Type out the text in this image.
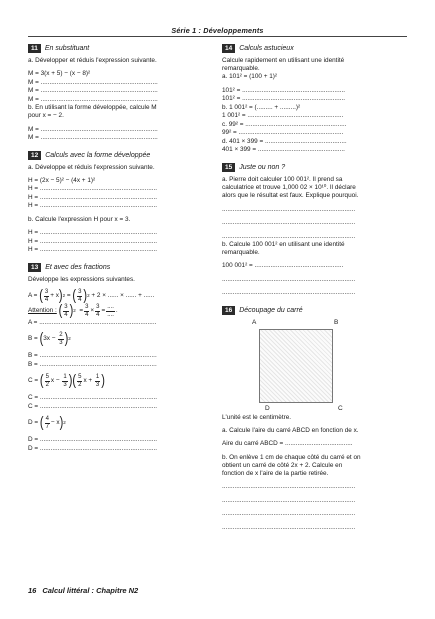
Série 1 : Développements
11	En substituant
a. Développer et réduis l'expression suivante.
M = 3(x + 5) − (x − 8)²
M = ..................................................................
M = ..................................................................
M = ..................................................................
b. En utilisant la forme développée, calcule M
pour x = − 2.
M = ..................................................................
M = ..................................................................
12	Calculs avec la forme développée
a. Développe et réduis l'expression suivante.
H = (2x − 5)² − (4x + 1)²
H = ..................................................................
H = ..................................................................
H = ..................................................................
b. Calcule l'expression H pour x = 3.
H = ..................................................................
H = ..................................................................
H = ..................................................................
13	Et avec des fractions
Développe les expressions suivantes.
A =
( $\frac{3}{4} + x$ ) 2 = ( $\frac{3}{4}$ ) 2
+ 2 × ...... × ...... + ......
Attention :
( $\frac{3}{4}$ ) $2 = \frac{3}{4} \times \frac{3}{4} = \frac{....}{....}$ .
A = ..................................................................
B =
( $3x - \frac{2}{3}$ ) 2
B = ..................................................................
B = ..................................................................
C =
( $\frac{5}{2}$ $x - \frac{1}{3}$ ) ( $\frac{5}{2}$ $x + \frac{1}{3}$ )
C = ..................................................................
C = ..................................................................
D =
( $\frac{4}{7} - x$ ) 2
D = ..................................................................
D = ..................................................................
14	Calculs astucieux
Calcule rapidement en utilisant une identité
remarquable.
a. 101² = (100 + 1)²
101² = ..........................................................
101² = ..........................................................
b. 1 001² = (......... + .........)²
1 001² = ......................................................
c. 99² = .........................................................
99² = ...........................................................
d. 401 × 399 = ..............................................
401 × 399 = .................................................
15	Juste ou non ?
a. Pierre doit calculer 100 001². Il prend sa
calculatrice et trouve 1,000 02 × 10¹⁰. Il déclare
alors que le résultat est faux. Explique pourquoi.
...........................................................................
...........................................................................
...........................................................................
b. Calcule 100 001² en utilisant une identité
remarquable.
100 001² = ..................................................
...........................................................................
...........................................................................
16	Découpage du carré
A	B
D	C
L'unité est le centimètre.
a. Calcule l'aire du carré ABCD en fonction de x.
Aire du carré ABCD = ......................................
b. On enlève 1 cm de chaque côté du carré et on
obtient un carré de côté 2x + 2. Calcule en
fonction de x l'aire de la partie retirée.
...........................................................................
...........................................................................
...........................................................................
...........................................................................
16 Calcul littéral : Chapitre N2
